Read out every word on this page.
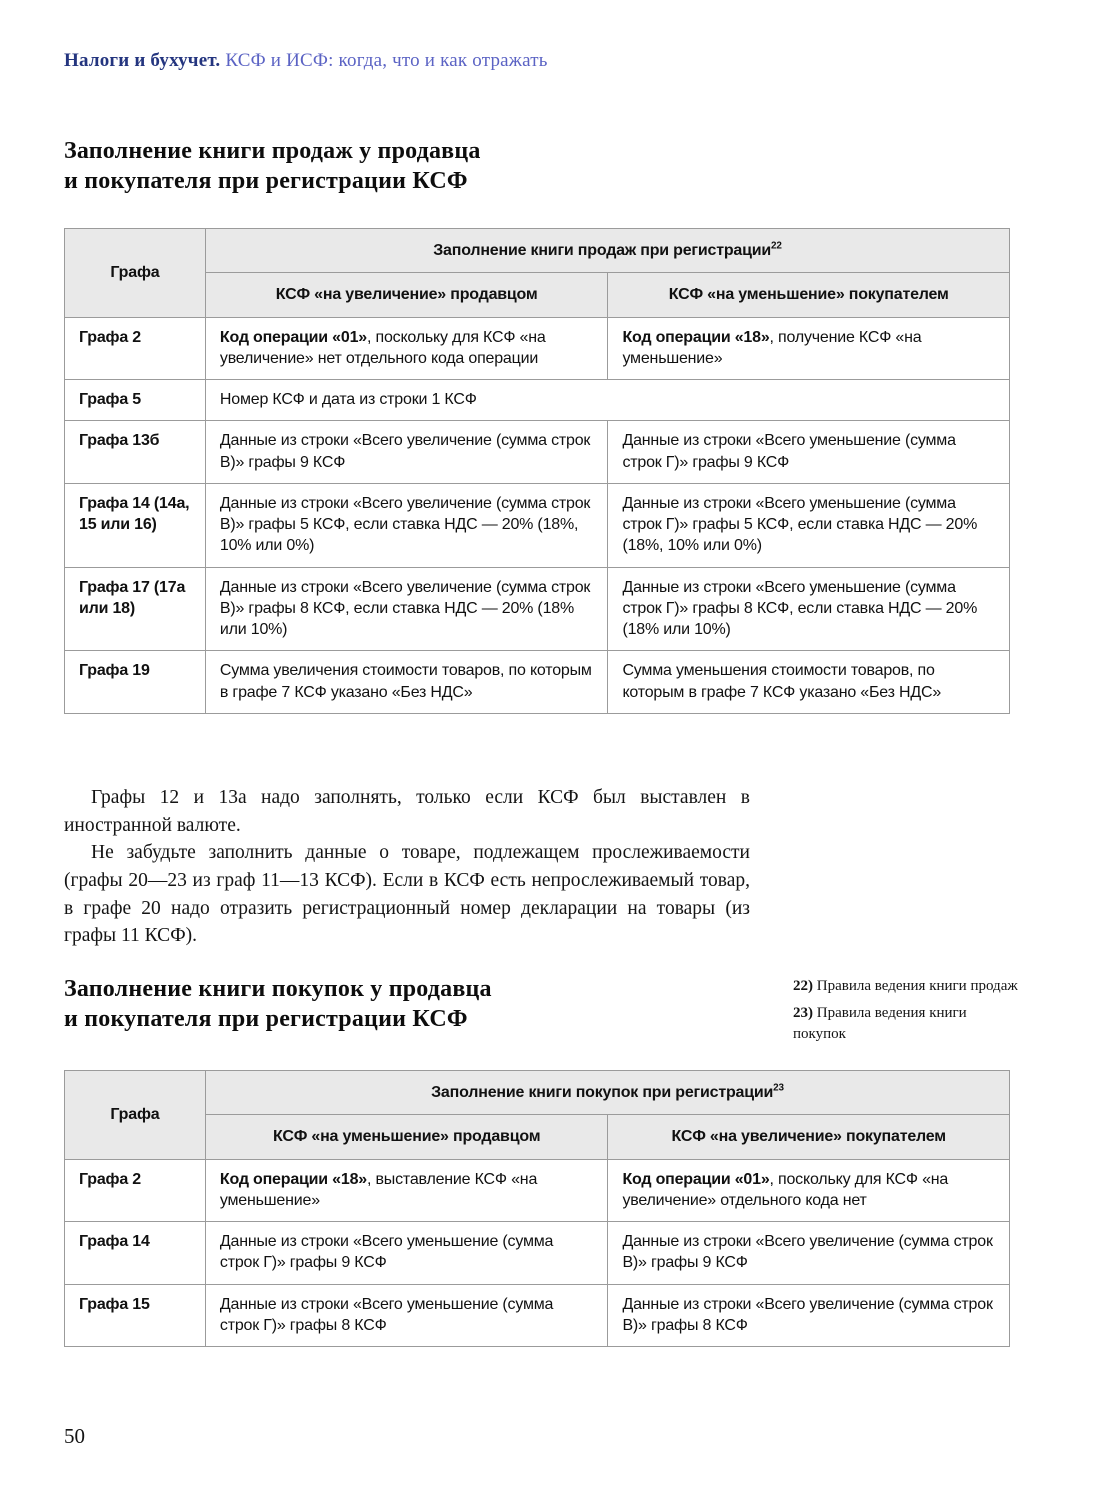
Налоги и бухучет. КСФ и ИСФ: когда, что и как отражать
Заполнение книги продаж у продавца
и покупателя при регистрации КСФ
Графа	Заполнение книги продаж при регистрации$^{22}$
	КСФ «на увеличение» продавцом	КСФ «на уменьшение» покупателем
Графа 2	Код операции «01», поскольку для КСФ «на увеличение» нет отдельного кода операции	Код операции «18», получение КСФ «на уменьшение»
Графа 5	Номер КСФ и дата из строки 1 КСФ	
Графа 13б	Данные из строки «Всего увеличение (сумма строк В)» графы 9 КСФ	Данные из строки «Всего уменьшение (сумма строк Г)» графы 9 КСФ
Графа 14 (14а, 15 или 16)	Данные из строки «Всего увеличение (сумма строк В)» графы 5 КСФ, если ставка НДС — 20% (18%, 10% или 0%)	Данные из строки «Всего уменьшение (сумма строк Г)» графы 5 КСФ, если ставка НДС — 20% (18%, 10% или 0%)
Графа 17 (17а или 18)	Данные из строки «Всего увеличение (сумма строк В)» графы 8 КСФ, если ставка НДС — 20% (18% или 10%)	Данные из строки «Всего уменьшение (сумма строк Г)» графы 8 КСФ, если ставка НДС — 20% (18% или 10%)
Графа 19	Сумма увеличения стоимости товаров, по которым в графе 7 КСФ указано «Без НДС»	Сумма уменьшения стоимости товаров, по которым в графе 7 КСФ указано «Без НДС»

Графы 12 и 13а надо заполнять, только если КСФ был выставлен в иностранной валюте.

Не забудьте заполнить данные о товаре, подлежащем прослеживаемости (графы 20—23 из граф 11—13 КСФ). Если в КСФ есть непрослеживаемый товар, в графе 20 надо отразить регистрационный номер декларации на товары (из графы 11 КСФ).

Заполнение книги покупок у продавца
и покупателя при регистрации КСФ
22) Правила ведения книги продаж
23) Правила ведения книги покупок
Графа	Заполнение книги покупок при регистрации$^{23}$
	КСФ «на уменьшение» продавцом	КСФ «на увеличение» покупателем
Графа 2	Код операции «18», выставление КСФ «на уменьшение»	Код операции «01», поскольку для КСФ «на увеличение» отдельного кода нет
Графа 14	Данные из строки «Всего уменьшение (сумма строк Г)» графы 9 КСФ	Данные из строки «Всего увеличение (сумма строк В)» графы 9 КСФ
Графа 15	Данные из строки «Всего уменьшение (сумма строк Г)» графы 8 КСФ	Данные из строки «Всего увеличение (сумма строк В)» графы 8 КСФ
50
